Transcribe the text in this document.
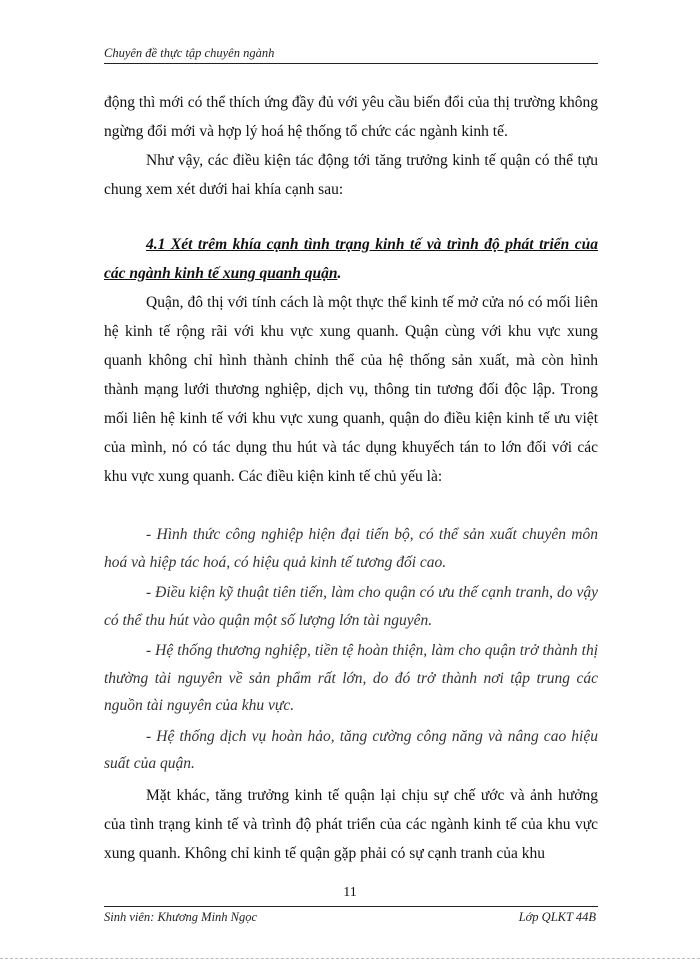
Chuyên đề thực tập chuyên ngành

động thì mới có thể thích ứng đầy đủ với yêu cầu biến đổi của thị trường không ngừng đổi mới và hợp lý hoá hệ thống tổ chức các ngành kinh tế.

Như vậy, các điều kiện tác động tới tăng trưởng kinh tế quận có thể tựu chung xem xét dưới hai khía cạnh sau:

4.1 Xét trêm khía cạnh tình trạng kinh tế và trình độ phát triển của các ngành kinh tế xung quanh quận.

Quận, đô thị với tính cách là một thực thể kinh tế mở cửa nó có mối liên hệ kinh tế rộng rãi với khu vực xung quanh. Quận cùng với khu vực xung quanh không chỉ hình thành chỉnh thể của hệ thống sản xuất, mà còn hình thành mạng lưới thương nghiệp, dịch vụ, thông tin tương đối độc lập. Trong mối liên hệ kinh tế với khu vực xung quanh, quận do điều kiện kinh tế ưu việt của mình, nó có tác dụng thu hút và tác dụng khuyếch tán to lớn đối với các khu vực xung quanh. Các điều kiện kinh tế chủ yếu là:

- Hình thức công nghiệp hiện đại tiến bộ, có thể sản xuất chuyên môn hoá và hiệp tác hoá, có hiệu quả kinh tế tương đối cao.

- Điều kiện kỹ thuật tiên tiến, làm cho quận có ưu thế cạnh tranh, do vậy có thể thu hút vào quận một số lượng lớn tài nguyên.

- Hệ thống thương nghiệp, tiền tệ hoàn thiện, làm cho quận trở thành thị thường tài nguyên về sản phẩm rất lớn, do đó trở thành nơi tập trung các nguồn tài nguyên của khu vực.

- Hệ thống dịch vụ hoàn hảo, tăng cường công năng và nâng cao hiệu suất của quận.

Mặt khác, tăng trưởng kinh tế quận lại chịu sự chế ước và ảnh hưởng của tình trạng kinh tế và trình độ phát triển của các ngành kinh tế của khu vực xung quanh. Không chỉ kinh tế quận gặp phải có sự cạnh tranh của khu

11
Sinh viên: Khương Minh Ngọc	Lớp QLKT 44B
